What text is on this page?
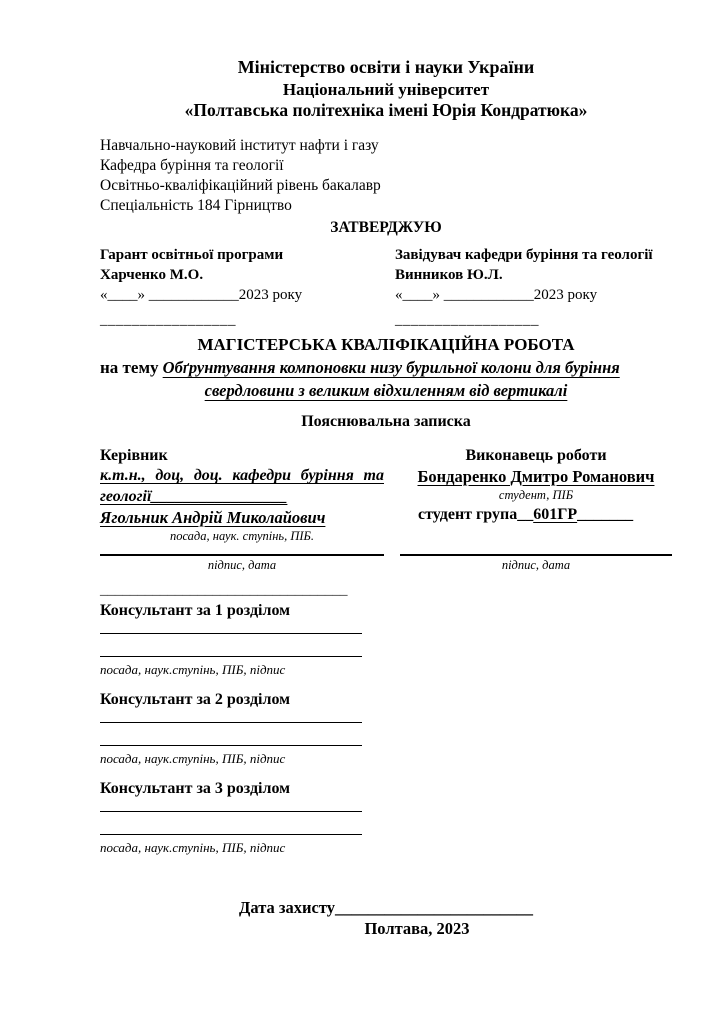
Міністерство освіти і науки України
Національний університет
«Полтавська політехніка імені Юрія Кондратюка»
Навчально-науковий інститут нафти і газу
Кафедра буріння та геології
Освітньо-кваліфікаційний рівень бакалавр
Спеціальність 184 Гірництво
ЗАТВЕРДЖУЮ
Гарант освітньої програми
Харченко М.О.
«____» ____________2023 року
_________________
Завідувач кафедри буріння та геології
Винников Ю.Л.
«____» ____________2023 року
__________________
МАГІСТЕРСЬКА КВАЛІФІКАЦІЙНА РОБОТА
на тему Обґрунтування компоновки низу бурильної колони для буріння
свердловини з великим відхиленням від вертикалі
Пояснювальна записка
Керівник
к.т.н., доц, доц. кафедри буріння та
геології_________________
Ягольник Андрій Миколайович
посада, наук. ступінь, ПІБ.
підпис, дата
Виконавець роботи
Бондаренко Дмитро Романович
студент, ПІБ
студент група__601ГР_______
підпис, дата
_________________________________
Консультант за 1 розділом
посада, наук.ступінь, ПІБ, підпис
Консультант за 2 розділом
посада, наук.ступінь, ПІБ, підпис
Консультант за 3 розділом
посада, наук.ступінь, ПІБ, підпис
Дата захисту________________________
Полтава, 2023
